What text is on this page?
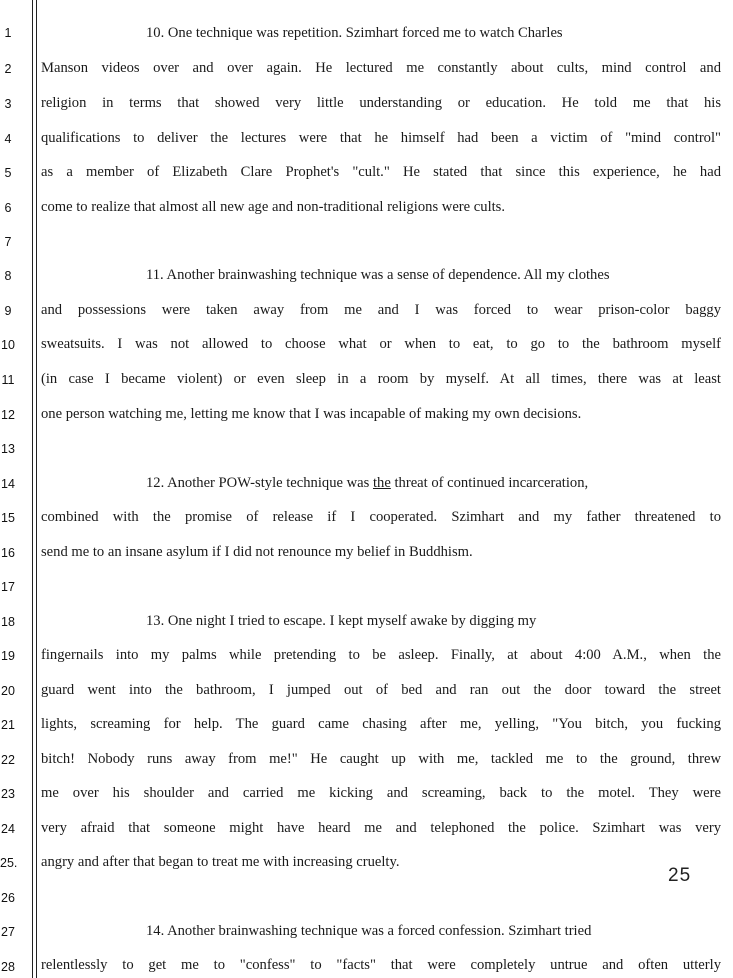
1
2
3
4
5
6
7
8
9
10
11
12
13
14
15
16
17
18
19
20
21
22
23
24
25.
26
27
28
10. One technique was repetition. Szimhart forced me to watch Charles
Manson videos over and over again. He lectured me constantly about cults, mind control and
religion in terms that showed very little understanding or education. He told me that his
qualifications to deliver the lectures were that he himself had been a victim of "mind control"
as a member of Elizabeth Clare Prophet's "cult." He stated that since this experience, he had
come to realize that almost all new age and non-traditional religions were cults.
11. Another brainwashing technique was a sense of dependence. All my clothes
and possessions were taken away from me and I was forced to wear prison-color baggy
sweatsuits. I was not allowed to choose what or when to eat, to go to the bathroom myself
(in case I became violent) or even sleep in a room by myself. At all times, there was at least
one person watching me, letting me know that I was incapable of making my own decisions.
12. Another POW-style technique was the threat of continued incarceration,
combined with the promise of release if I cooperated. Szimhart and my father threatened to
send me to an insane asylum if I did not renounce my belief in Buddhism.
13. One night I tried to escape. I kept myself awake by digging my
fingernails into my palms while pretending to be asleep. Finally, at about 4:00 A.M., when the
guard went into the bathroom, I jumped out of bed and ran out the door toward the street
lights, screaming for help. The guard came chasing after me, yelling, "You bitch, you fucking
bitch! Nobody runs away from me!" He caught up with me, tackled me to the ground, threw
me over his shoulder and carried me kicking and screaming, back to the motel. They were
very afraid that someone might have heard me and telephoned the police. Szimhart was very
angry and after that began to treat me with increasing cruelty.
25
14. Another brainwashing technique was a forced confession. Szimhart tried
relentlessly to get me to "confess" to "facts" that were completely untrue and often utterly
